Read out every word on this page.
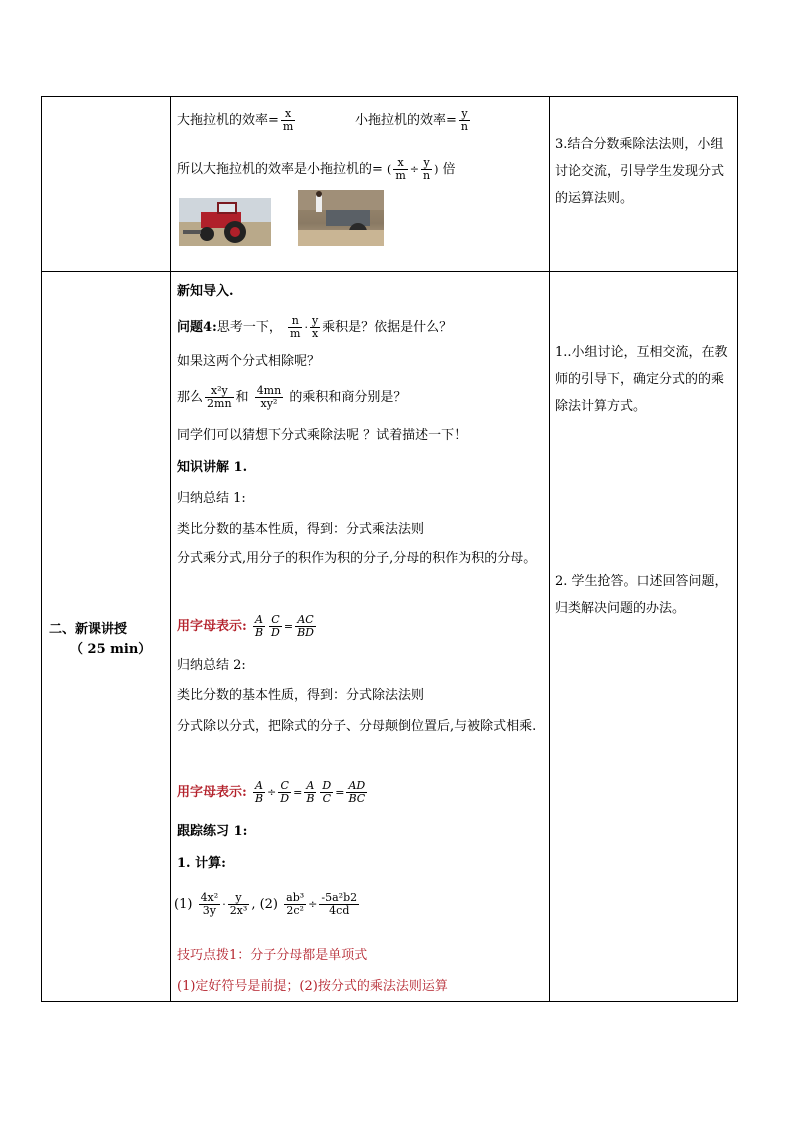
大拖拉机的效率= $\frac{x}{m}$	小拖拉机的效率= $\frac{y}{n}$
所以大拖拉机的效率是小拖拉机的= ( $\frac{x}{m} \div \frac{y}{n}$ ) 倍
3.结合分数乘除法法则，小组讨论交流，引导学生发现分式的运算法则。
二、新课讲授
（ 25 min）
新知导入.
问题4:思考一下， $\frac{n}{m} \cdot \frac{y}{x}$ 乘积是？依据是什么？
如果这两个分式相除呢？
那么 $\frac{\text{x²y}}{2mn}$ 和 $\frac{4mn}{\text{xy²}}$ 的乘积和商分别是？
同学们可以猜想下分式乘除法呢 ？试着描述一下！
知识讲解 1.
归纳总结 1:
类比分数的基本性质，得到：分式乘法法则
分式乘分式,用分子的积作为积的分子,分母的积作为积的分母。
用字母表示: $\frac{A}{B} \frac{C}{D} = \frac{AC}{BD}$
归纳总结 2:
类比分数的基本性质，得到：分式除法法则
分式除以分式，把除式的分子、分母颠倒位置后,与被除式相乘.
用字母表示: $\frac{A}{B} \div \frac{C}{D} = \frac{A}{B} \frac{D}{C} = \frac{AD}{BC}$
跟踪练习 1:
1. 计算:
$(1) \frac{\text{4x²}}{3y} \cdot \frac{y}{\text{2x³}}$ , $(2) \frac{\text{ab³}}{\text{2c²}} \div \frac{\text{-5a²b2}}{4cd}$
技巧点拨1：分子分母都是单项式
(1)定好符号是前提；(2)按分式的乘法法则运算
1..小组讨论，互相交流，在教师的引导下，确定分式的的乘除法计算方式。
2. 学生抢答。口述回答问题，归类解决问题的办法。
